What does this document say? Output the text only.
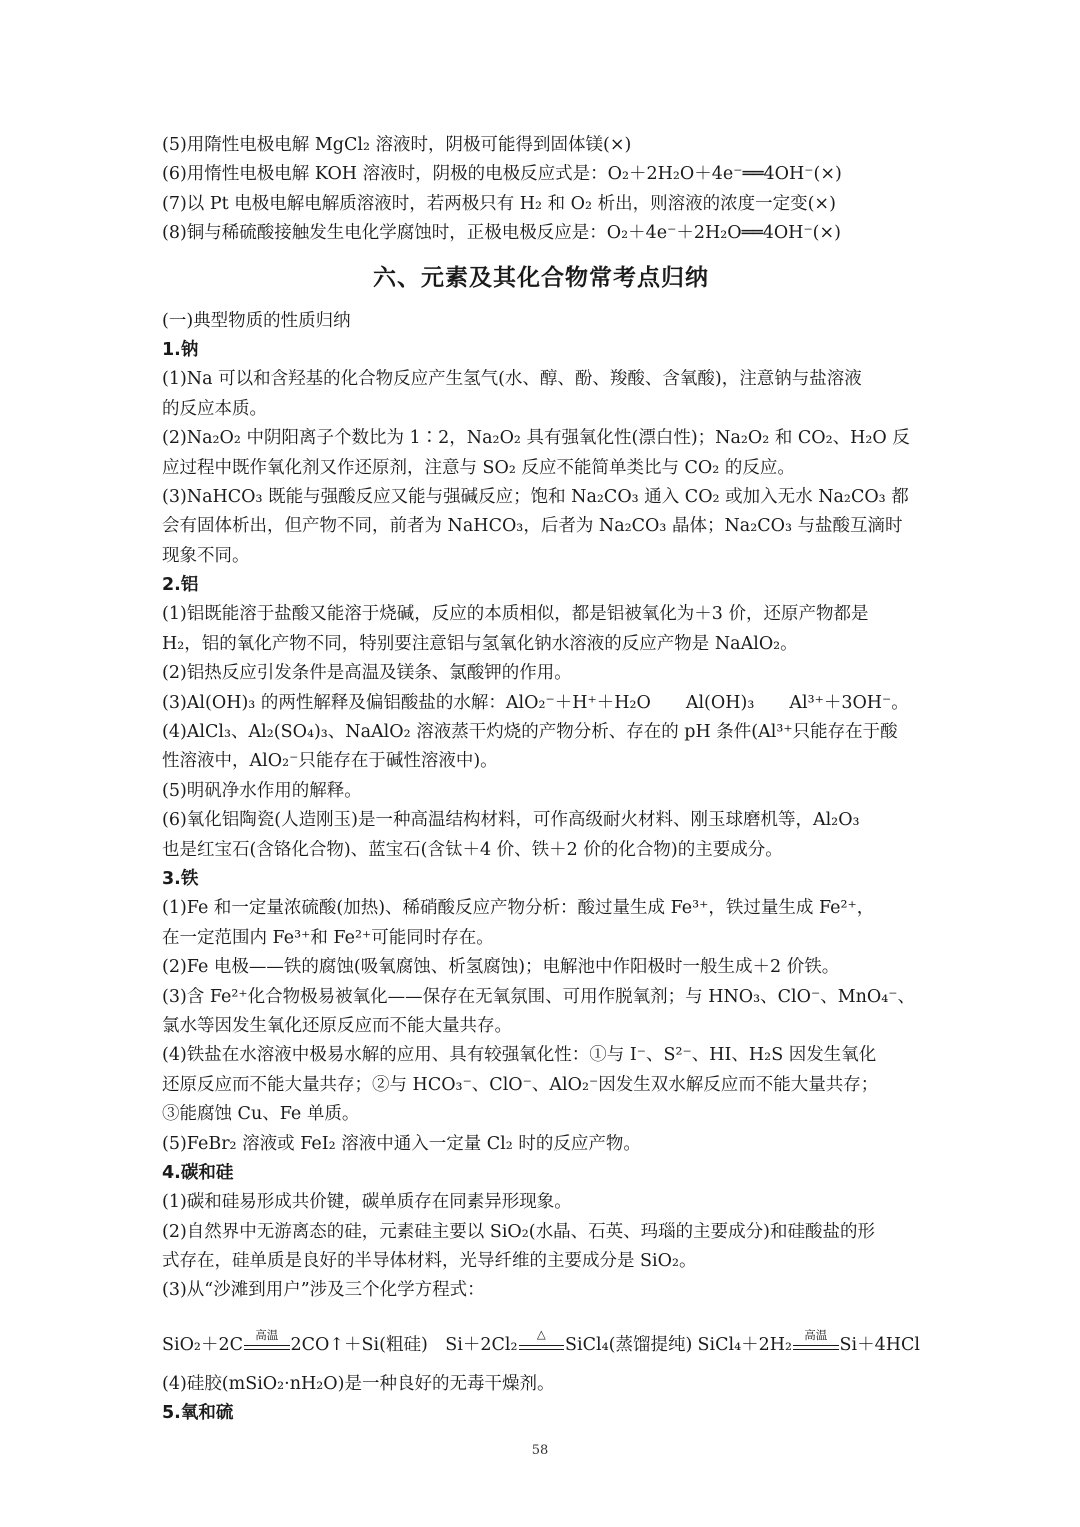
(5)用隋性电极电解 MgCl₂ 溶液时，阴极可能得到固体镁(×)
(6)用惰性电极电解 KOH 溶液时，阴极的电极反应式是：O₂＋2H₂O＋4e⁻══4OH⁻(×)
(7)以 Pt 电极电解电解质溶液时，若两极只有 H₂ 和 O₂ 析出，则溶液的浓度一定变(×)
(8)铜与稀硫酸接触发生电化学腐蚀时，正极电极反应是：O₂＋4e⁻＋2H₂O══4OH⁻(×)
六、元素及其化合物常考点归纳
(一)典型物质的性质归纳
1.钠
(1)Na 可以和含羟基的化合物反应产生氢气(水、醇、酚、羧酸、含氧酸)，注意钠与盐溶液
的反应本质。
(2)Na₂O₂ 中阴阳离子个数比为 1∶2，Na₂O₂ 具有强氧化性(漂白性)；Na₂O₂ 和 CO₂、H₂O 反
应过程中既作氧化剂又作还原剂，注意与 SO₂ 反应不能简单类比与 CO₂ 的反应。
(3)NaHCO₃ 既能与强酸反应又能与强碱反应；饱和 Na₂CO₃ 通入 CO₂ 或加入无水 Na₂CO₃ 都
会有固体析出，但产物不同，前者为 NaHCO₃，后者为 Na₂CO₃ 晶体；Na₂CO₃ 与盐酸互滴时
现象不同。
2.铝
(1)铝既能溶于盐酸又能溶于烧碱，反应的本质相似，都是铝被氧化为＋3 价，还原产物都是
H₂，铝的氧化产物不同，特别要注意铝与氢氧化钠水溶液的反应产物是 NaAlO₂。
(2)铝热反应引发条件是高温及镁条、氯酸钾的作用。
(3)Al(OH)₃ 的两性解释及偏铝酸盐的水解：AlO₂⁻＋H⁺＋H₂O　　Al(OH)₃　　Al³⁺＋3OH⁻。
(4)AlCl₃、Al₂(SO₄)₃、NaAlO₂ 溶液蒸干灼烧的产物分析、存在的 pH 条件(Al³⁺只能存在于酸
性溶液中，AlO₂⁻只能存在于碱性溶液中)。
(5)明矾净水作用的解释。
(6)氧化铝陶瓷(人造刚玉)是一种高温结构材料，可作高级耐火材料、刚玉球磨机等，Al₂O₃
也是红宝石(含铬化合物)、蓝宝石(含钛＋4 价、铁＋2 价的化合物)的主要成分。
3.铁
(1)Fe 和一定量浓硫酸(加热)、稀硝酸反应产物分析：酸过量生成 Fe³⁺，铁过量生成 Fe²⁺，
在一定范围内 Fe³⁺和 Fe²⁺可能同时存在。
(2)Fe 电极——铁的腐蚀(吸氧腐蚀、析氢腐蚀)；电解池中作阳极时一般生成＋2 价铁。
(3)含 Fe²⁺化合物极易被氧化——保存在无氧氛围、可用作脱氧剂；与 HNO₃、ClO⁻、MnO₄⁻、
氯水等因发生氧化还原反应而不能大量共存。
(4)铁盐在水溶液中极易水解的应用、具有较强氧化性：①与 I⁻、S²⁻、HI、H₂S 因发生氧化
还原反应而不能大量共存；②与 HCO₃⁻、ClO⁻、AlO₂⁻因发生双水解反应而不能大量共存；
③能腐蚀 Cu、Fe 单质。
(5)FeBr₂ 溶液或 FeI₂ 溶液中通入一定量 Cl₂ 时的反应产物。
4.碳和硅
(1)碳和硅易形成共价键，碳单质存在同素异形现象。
(2)自然界中无游离态的硅，元素硅主要以 SiO₂(水晶、石英、玛瑙的主要成分)和硅酸盐的形
式存在，硅单质是良好的半导体材料，光导纤维的主要成分是 SiO₂。
(3)从“沙滩到用户”涉及三个化学方程式：
SiO₂＋2C	高温 2CO↑＋Si(粗硅) Si＋2Cl₂
△
SiCl₄(蒸馏提纯) SiCl₄＋2H₂	高温 Si＋4HCl
(4)硅胶(mSiO₂·nH₂O)是一种良好的无毒干燥剂。
5.氧和硫
58
